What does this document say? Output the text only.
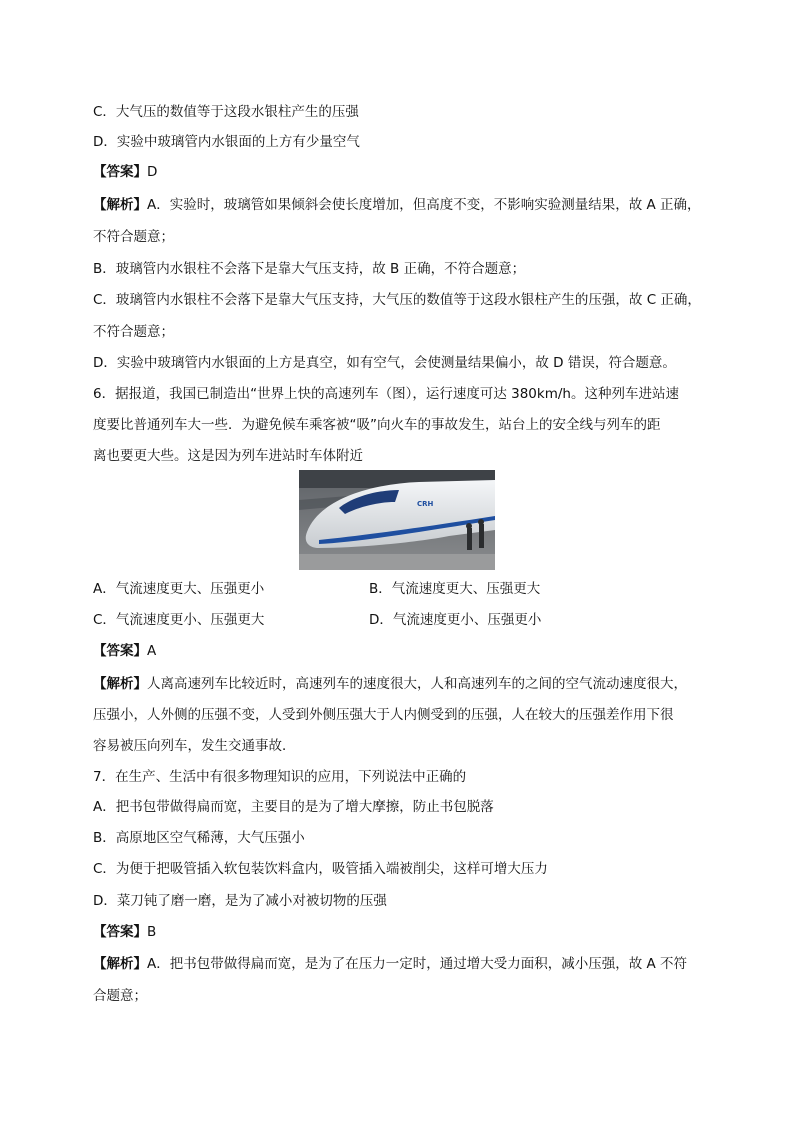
C．大气压的数值等于这段水银柱产生的压强
D．实验中玻璃管内水银面的上方有少量空气
【答案】D
【解析】A．实验时，玻璃管如果倾斜会使长度增加，但高度不变，不影响实验测量结果，故 A 正确，
不符合题意；
B．玻璃管内水银柱不会落下是靠大气压支持，故 B 正确，不符合题意；
C．玻璃管内水银柱不会落下是靠大气压支持，大气压的数值等于这段水银柱产生的压强，故 C 正确，
不符合题意；
D．实验中玻璃管内水银面的上方是真空，如有空气，会使测量结果偏小，故 D 错误，符合题意。
6．据报道，我国已制造出“世界上快的高速列车（图），运行速度可达 380km/h。这种列车进站速
度要比普通列车大一些．为避免候车乘客被“吸”向火车的事故发生，站台上的安全线与列车的距
离也要更大些。这是因为列车进站时车体附近
CRH
A．气流速度更大、压强更小	B．气流速度更大、压强更大
C．气流速度更小、压强更大	D．气流速度更小、压强更小
【答案】A
【解析】人离高速列车比较近时，高速列车的速度很大，人和高速列车的之间的空气流动速度很大，
压强小，人外侧的压强不变，人受到外侧压强大于人内侧受到的压强，人在较大的压强差作用下很
容易被压向列车，发生交通事故．
7．在生产、生活中有很多物理知识的应用，下列说法中正确的
A．把书包带做得扁而宽，主要目的是为了增大摩擦，防止书包脱落
B．高原地区空气稀薄，大气压强小
C．为便于把吸管插入软包装饮料盒内，吸管插入端被削尖，这样可增大压力
D．菜刀钝了磨一磨，是为了减小对被切物的压强
【答案】B
【解析】A．把书包带做得扁而宽，是为了在压力一定时，通过增大受力面积，减小压强，故 A 不符
合题意；
